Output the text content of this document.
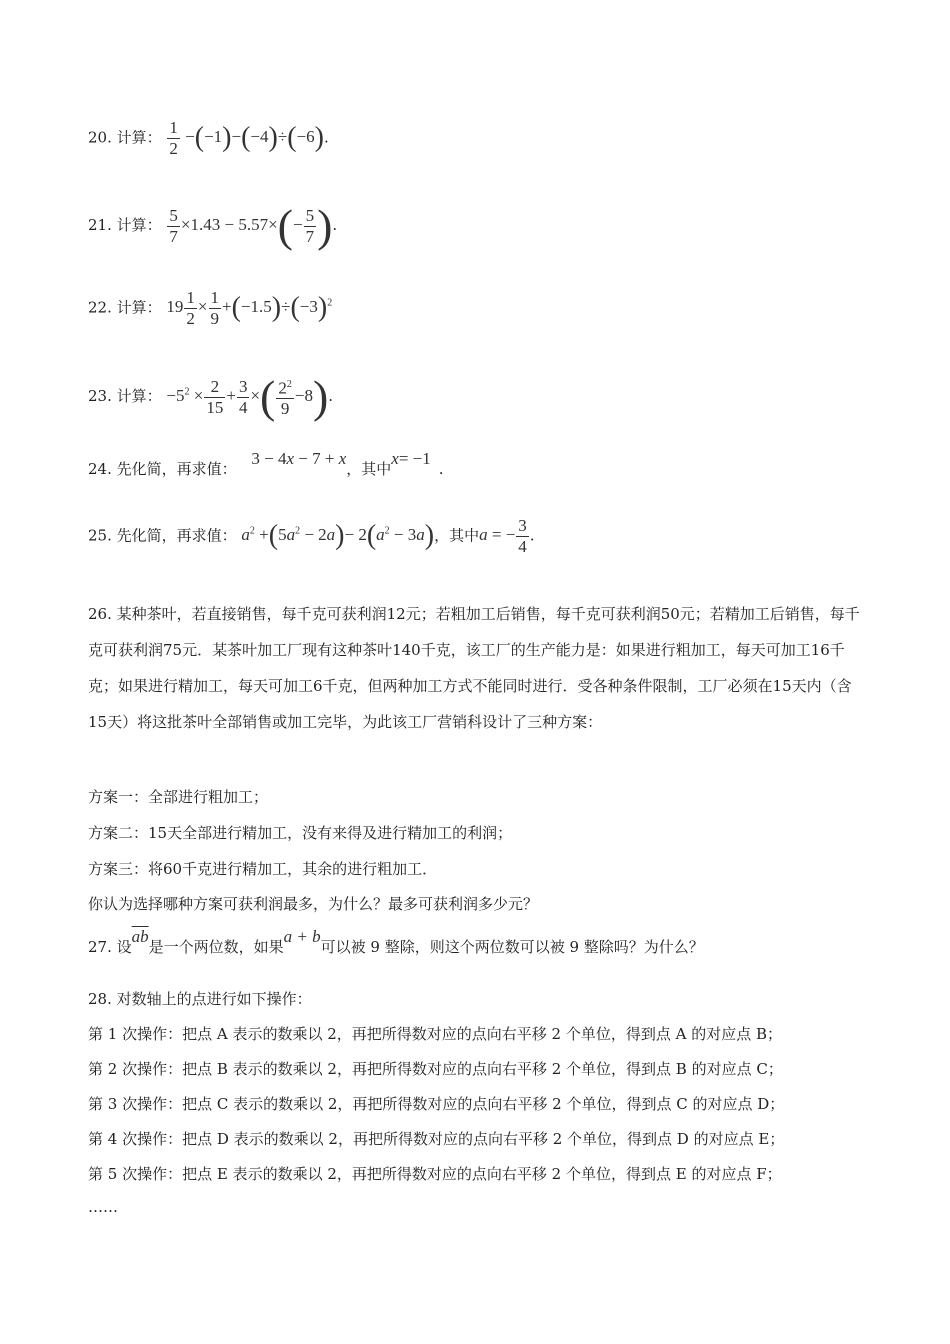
20. 计算： $\frac{1}{2} -(-1)-(-4)\div(-6)$.
21. 计算： $\frac{5}{7} \times 1.43 - 5.57\times(- \frac{5}{7}$ ).
22. 计算： $19 \frac{1}{2} \times \frac{1}{9} +(-1.5)\div(-3)^2$
23. 计算： $-5^2 \times \frac{2}{15} + \frac{3}{4}$ ×( $\frac{2^2}{9} -8$).
24. 先化简，再求值： 3 − 4x − 7 + x，其中x= −1.
25. 先化简，再求值： $a^2 +(5a^2 - 2a)- 2(a^2 - 3a)$，其中a = − $\frac{3}{4}$ .
26. 某种茶叶，若直接销售，每千克可获利润12元；若粗加工后销售，每千克可获利润50元；若精加工后销售，每千克可获利润75元．某茶叶加工厂现有这种茶叶140千克，该工厂的生产能力是：如果进行粗加工，每天可加工16千克；如果进行精加工，每天可加工6千克，但两种加工方式不能同时进行．受各种条件限制，工厂必须在15天内（含15天）将这批茶叶全部销售或加工完毕，为此该工厂营销科设计了三种方案：
方案一：全部进行粗加工；
方案二：15天全部进行精加工，没有来得及进行精加工的利润；
方案三：将60千克进行精加工，其余的进行粗加工．
你认为选择哪种方案可获利润最多，为什么？最多可获利润多少元？
27. 设$\overline{ab}$是一个两位数，如果a + b可以被 9 整除，则这个两位数可以被 9 整除吗？为什么？
28. 对数轴上的点进行如下操作：
第 1 次操作：把点 A 表示的数乘以 2，再把所得数对应的点向右平移 2 个单位，得到点 A 的对应点 B；
第 2 次操作：把点 B 表示的数乘以 2，再把所得数对应的点向右平移 2 个单位，得到点 B 的对应点 C；
第 3 次操作：把点 C 表示的数乘以 2，再把所得数对应的点向右平移 2 个单位，得到点 C 的对应点 D；
第 4 次操作：把点 D 表示的数乘以 2，再把所得数对应的点向右平移 2 个单位，得到点 D 的对应点 E；
第 5 次操作：把点 E 表示的数乘以 2，再把所得数对应的点向右平移 2 个单位，得到点 E 的对应点 F；
……
